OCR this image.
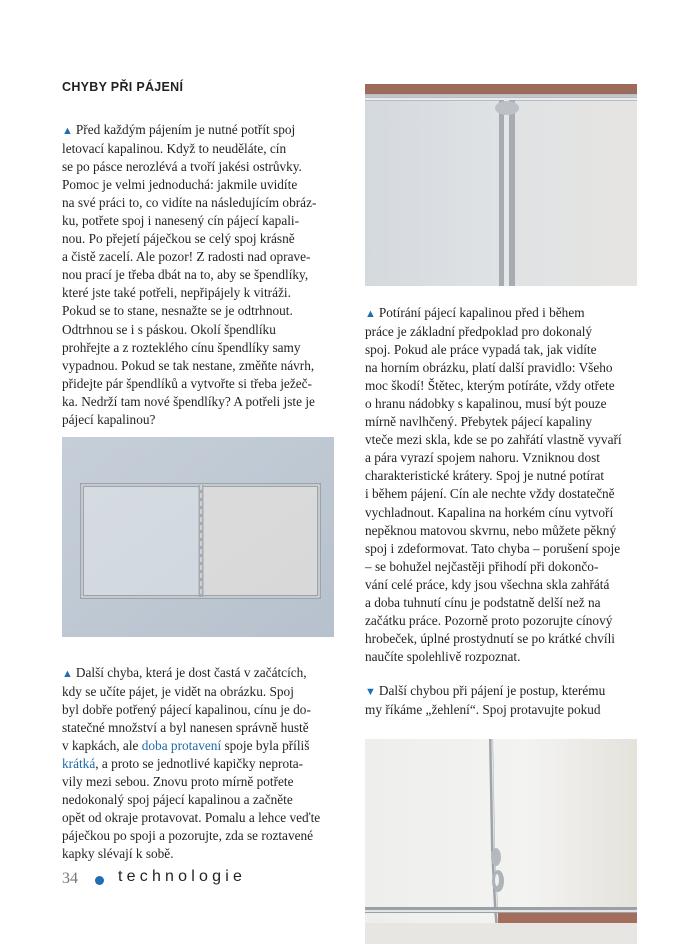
CHYBY PŘI PÁJENÍ

▲ Před každým pájením je nutné potřít spoj
letovací kapalinou. Když to neuděláte, cín
se po pásce nerozlévá a tvoří jakési ostrůvky.
Pomoc je velmi jednoduchá: jakmile uvidíte
na své práci to, co vidíte na následujícím obráz-
ku, potřete spoj i nanesený cín pájecí kapali-
nou. Po přejetí páječkou se celý spoj krásně
a čistě zacelí. Ale pozor! Z radosti nad oprave-
nou prací je třeba dbát na to, aby se špendlíky,
které jste také potřeli, nepřipájely k vitráži.
Pokud se to stane, nesnažte se je odtrhnout.
Odtrhnou se i s páskou. Okolí špendlíku
prohřejte a z roztekléhо cínu špendlíky samy
vypadnou. Pokud se tak nestane, změňte návrh,
přidejte pár špendlíků a vytvořte si třeba ježeč-
ka. Nedrží tam nové špendlíky? A potřeli jste je
pájecí kapalinou?

▲ Další chyba, která je dost častá v začátcích,
kdy se učíte pájet, je vidět na obrázku. Spoj
byl dobře potřený pájecí kapalinou, cínu je do-
statečné množství a byl nanesen správně hustě
v kapkách, ale doba protavení spoje byla příliš
krátká, a proto se jednotlivé kapičky neprota-
vily mezi sebou. Znovu proto mírně potřete
nedokonalý spoj pájecí kapalinou a začněte
opět od okraje protavovat. Pomalu a lehce veďte
páječkou po spoji a pozorujte, zda se roztavené
kapky slévají k sobě.

▲ Potírání pájecí kapalinou před i během
práce je základní předpoklad pro dokonalý
spoj. Pokud ale práce vypadá tak, jak vidíte
na horním obrázku, platí další pravidlo: Všeho
moc škodí! Štětec, kterým potíráte, vždy otřete
o hranu nádobky s kapalinou, musí být pouze
mírně navlhčený. Přebytek pájecí kapaliny
vteče mezi skla, kde se po zahřátí vlastně vyvaří
a pára vyrazí spojem nahoru. Vzniknou dost
charakteristické krátery. Spoj je nutné potírat
i během pájení. Cín ale nechte vždy dostatečně
vychladnout. Kapalina na horkém cínu vytvoří
nepěknou matovou skvrnu, nebo můžete pěkný
spoj i zdeformovat. Tato chyba – porušení spoje
– se bohužel nejčastěji přihodí při dokončo-
vání celé práce, kdy jsou všechna skla zahřátá
a doba tuhnutí cínu je podstatně delší než na
začátku práce. Pozorně proto pozorujte cínový
hrobeček, úplné prostydnutí se po krátké chvíli
naučíte spolehlivě rozpoznat.

▼ Další chybou při pájení je postup, kterému
my říkáme „žehlení“. Spoj protavujte pokud

34	technologie
